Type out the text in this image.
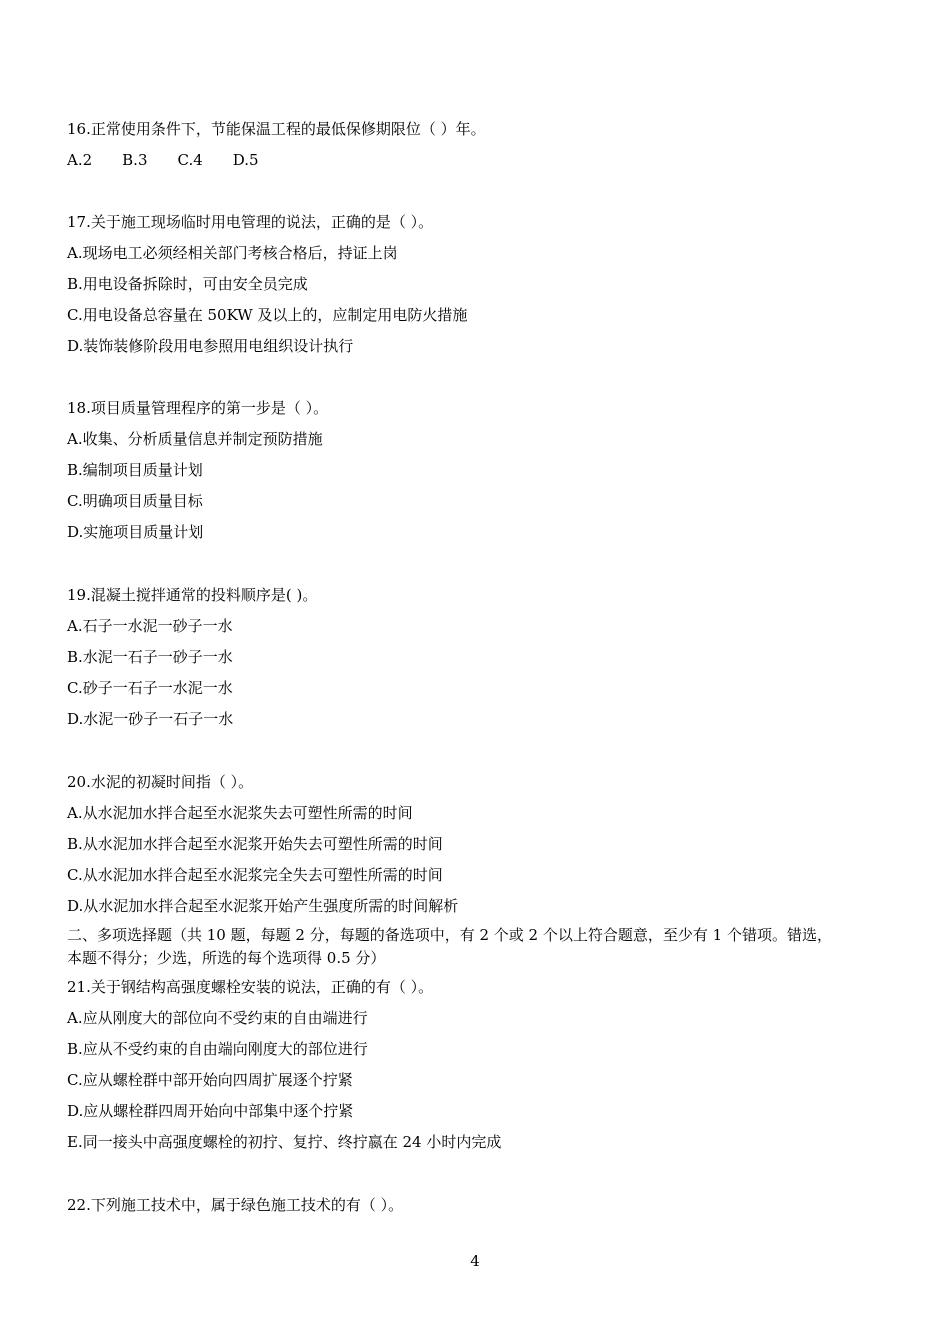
16.正常使用条件下，节能保温工程的最低保修期限位（ ）年。
A.2 B.3 C.4 D.5
17.关于施工现场临时用电管理的说法，正确的是（ ）。
A.现场电工必须经相关部门考核合格后，持证上岗
B.用电设备拆除时，可由安全员完成
C.用电设备总容量在 50KW 及以上的，应制定用电防火措施
D.装饰装修阶段用电参照用电组织设计执行
18.项目质量管理程序的第一步是（ ）。
A.收集、分析质量信息并制定预防措施
B.编制项目质量计划
C.明确项目质量目标
D.实施项目质量计划
19.混凝土搅拌通常的投料顺序是( )。
A.石子一水泥一砂子一水
B.水泥一石子一砂子一水
C.砂子一石子一水泥一水
D.水泥一砂子一石子一水
20.水泥的初凝时间指（ ）。
A.从水泥加水拌合起至水泥浆失去可塑性所需的时间
B.从水泥加水拌合起至水泥浆开始失去可塑性所需的时间
C.从水泥加水拌合起至水泥浆完全失去可塑性所需的时间
D.从水泥加水拌合起至水泥浆开始产生强度所需的时间解析
二、多项选择题（共 10 题，每题 2 分，每题的备选项中，有 2 个或 2 个以上符合题意，至少有 1 个错项。错选，
本题不得分；少选，所选的每个选项得 0.5 分）
21.关于钢结构高强度螺栓安装的说法，正确的有（ ）。
A.应从刚度大的部位向不受约束的自由端进行
B.应从不受约束的自由端向刚度大的部位进行
C.应从螺栓群中部开始向四周扩展逐个拧紧
D.应从螺栓群四周开始向中部集中逐个拧紧
E.同一接头中高强度螺栓的初拧、复拧、终拧嬴在 24 小时内完成
22.下列施工技术中，属于绿色施工技术的有（ ）。
4
